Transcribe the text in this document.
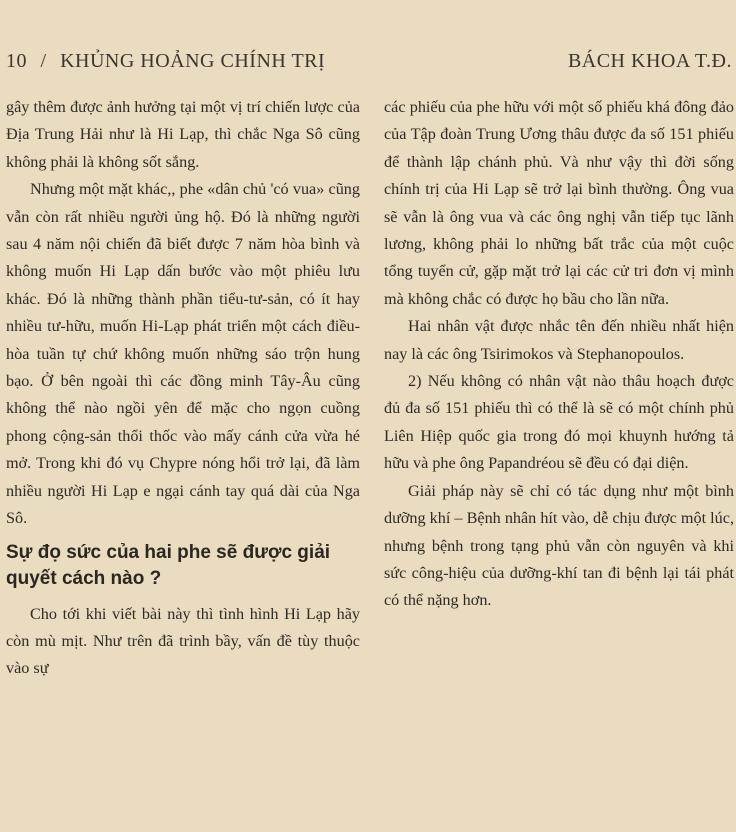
10 / KHỦNG HOẢNG CHÍNH TRỊ	BÁCH KHOA T.Đ.

gây thêm được ảnh hưởng tại một vị trí chiến lược của Địa Trung Hải như là Hi Lạp, thì chắc Nga Sô cũng không phải là không sốt sắng.

Nhưng một mặt khác,, phe «dân chủ 'có vua» cũng vẫn còn rất nhiều người ủng hộ. Đó là những người sau 4 năm nội chiến đã biết được 7 năm hòa bình và không muốn Hi Lạp dấn bước vào một phiêu lưu khác. Đó là những thành phần tiểu-tư-sản, có ít hay nhiều tư-hữu, muốn Hi-Lạp phát triển một cách điều-hòa tuần tự chứ không muốn những sáo trộn hung bạo. Ở bên ngoài thì các đồng minh Tây-Âu cũng không thể nào ngồi yên để mặc cho ngọn cuồng phong cộng-sản thổi thốc vào mấy cánh cửa vừa hé mở. Trong khi đó vụ Chypre nóng hổi trở lại, đã làm nhiều người Hi Lạp e ngại cánh tay quá dài của Nga Sô.

Sự đọ sức của hai phe sẽ được giải quyết cách nào ?

Cho tới khi viết bài này thì tình hình Hi Lạp hãy còn mù mịt. Như trên đã trình bầy, vấn đề tùy thuộc vào sự

các phiếu của phe hữu với một số phiếu khá đông đảo của Tập đoàn Trung Ương thâu được đa số 151 phiếu để thành lập chánh phủ. Và như vậy thì đời sống chính trị của Hi Lạp sẽ trở lại bình thường. Ông vua sẽ vẫn là ông vua và các ông nghị vẫn tiếp tục lãnh lương, không phải lo những bất trắc của một cuộc tổng tuyển cử, gặp mặt trở lại các cử tri đơn vị mình mà không chắc có được họ bầu cho lần nữa.

Hai nhân vật được nhắc tên đến nhiều nhất hiện nay là các ông Tsirimokos và Stephanopoulos.

2) Nếu không có nhân vật nào thâu hoạch được đủ đa số 151 phiếu thì có thể là sẽ có một chính phủ Liên Hiệp quốc gia trong đó mọi khuynh hướng tả hữu và phe ông Papandréou sẽ đều có đại diện.

Giải pháp này sẽ chỉ có tác dụng như một bình dưỡng khí – Bệnh nhân hít vào, dễ chịu được một lúc, nhưng bệnh trong tạng phủ vẫn còn nguyên và khi sức công-hiệu của dưỡng-khí tan đi bệnh lại tái phát có thể nặng hơn.
